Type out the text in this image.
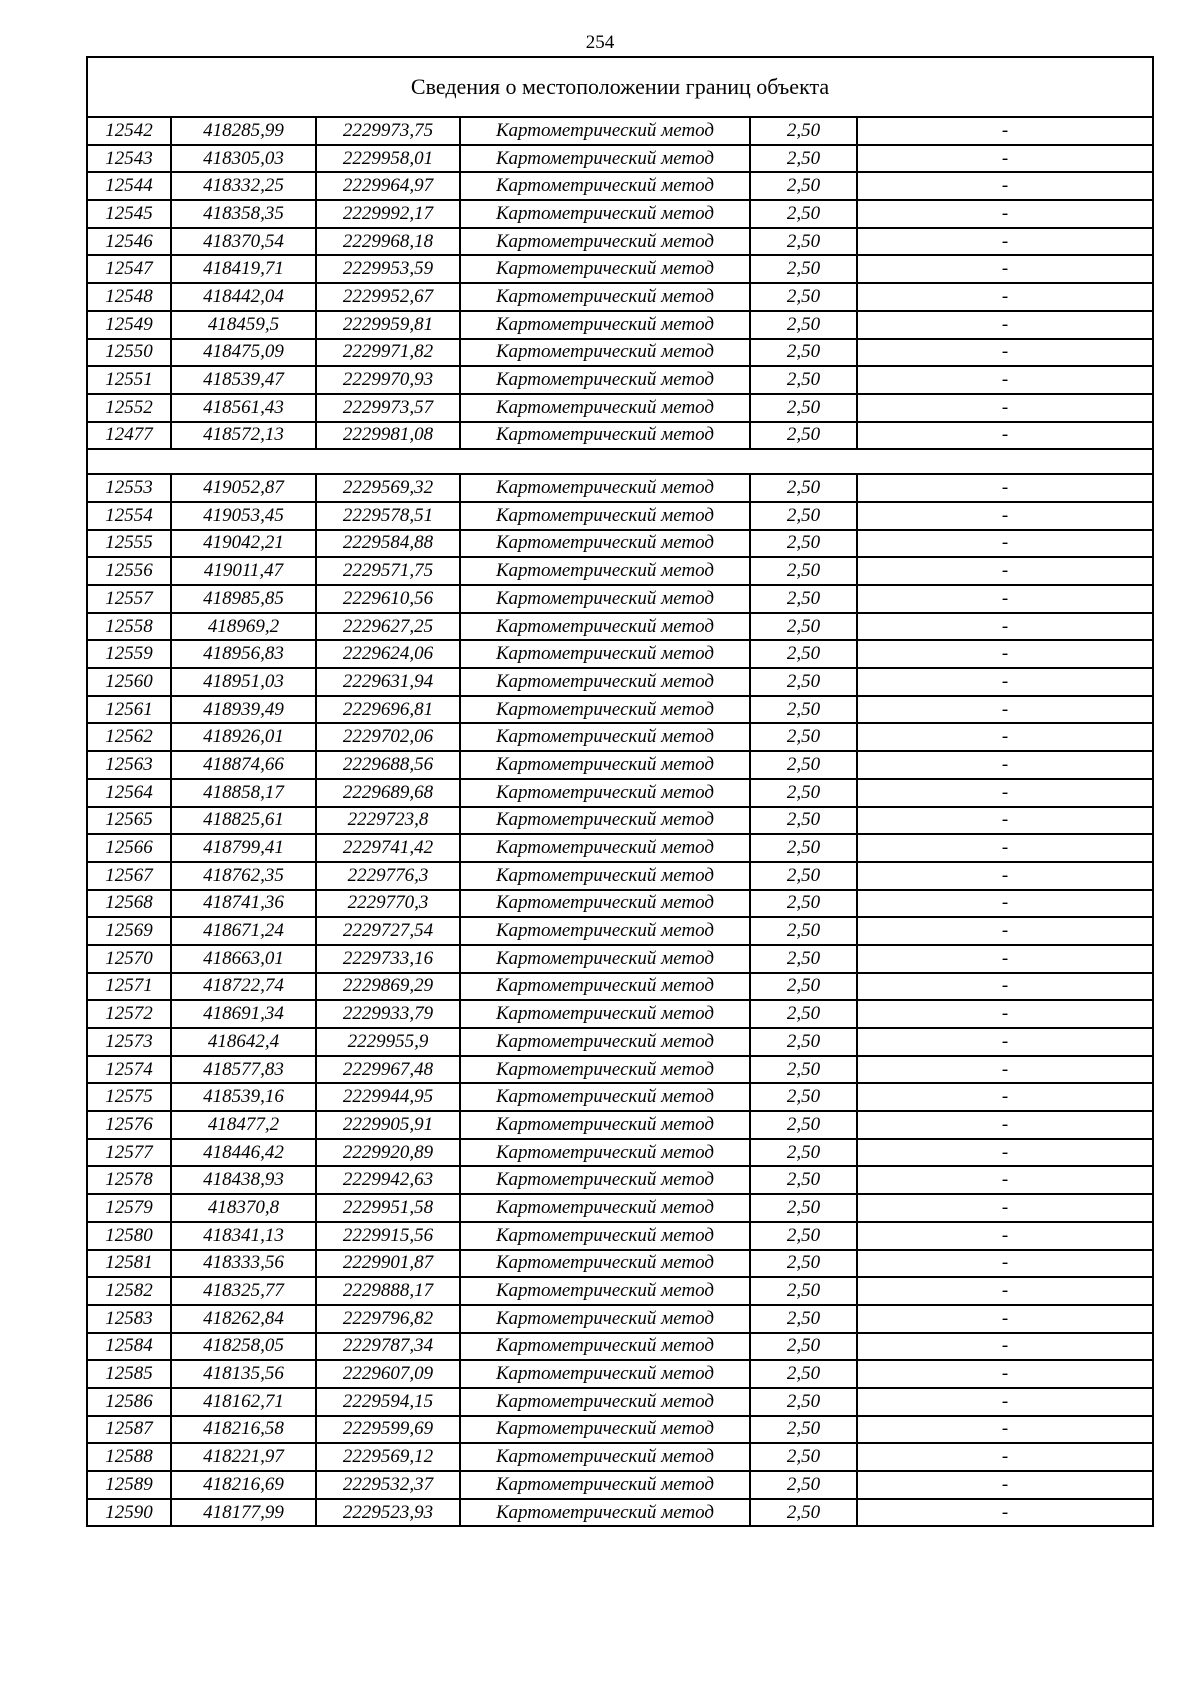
254
Сведения о местоположении границ объекта					
12542	418285,99	2229973,75	Картометрический метод	2,50	-
12543	418305,03	2229958,01	Картометрический метод	2,50	-
12544	418332,25	2229964,97	Картометрический метод	2,50	-
12545	418358,35	2229992,17	Картометрический метод	2,50	-
12546	418370,54	2229968,18	Картометрический метод	2,50	-
12547	418419,71	2229953,59	Картометрический метод	2,50	-
12548	418442,04	2229952,67	Картометрический метод	2,50	-
12549	418459,5	2229959,81	Картометрический метод	2,50	-
12550	418475,09	2229971,82	Картометрический метод	2,50	-
12551	418539,47	2229970,93	Картометрический метод	2,50	-
12552	418561,43	2229973,57	Картометрический метод	2,50	-
12477	418572,13	2229981,08	Картометрический метод	2,50	-

12553	419052,87	2229569,32	Картометрический метод	2,50	-
12554	419053,45	2229578,51	Картометрический метод	2,50	-
12555	419042,21	2229584,88	Картометрический метод	2,50	-
12556	419011,47	2229571,75	Картометрический метод	2,50	-
12557	418985,85	2229610,56	Картометрический метод	2,50	-
12558	418969,2	2229627,25	Картометрический метод	2,50	-
12559	418956,83	2229624,06	Картометрический метод	2,50	-
12560	418951,03	2229631,94	Картометрический метод	2,50	-
12561	418939,49	2229696,81	Картометрический метод	2,50	-
12562	418926,01	2229702,06	Картометрический метод	2,50	-
12563	418874,66	2229688,56	Картометрический метод	2,50	-
12564	418858,17	2229689,68	Картометрический метод	2,50	-
12565	418825,61	2229723,8	Картометрический метод	2,50	-
12566	418799,41	2229741,42	Картометрический метод	2,50	-
12567	418762,35	2229776,3	Картометрический метод	2,50	-
12568	418741,36	2229770,3	Картометрический метод	2,50	-
12569	418671,24	2229727,54	Картометрический метод	2,50	-
12570	418663,01	2229733,16	Картометрический метод	2,50	-
12571	418722,74	2229869,29	Картометрический метод	2,50	-
12572	418691,34	2229933,79	Картометрический метод	2,50	-
12573	418642,4	2229955,9	Картометрический метод	2,50	-
12574	418577,83	2229967,48	Картометрический метод	2,50	-
12575	418539,16	2229944,95	Картометрический метод	2,50	-
12576	418477,2	2229905,91	Картометрический метод	2,50	-
12577	418446,42	2229920,89	Картометрический метод	2,50	-
12578	418438,93	2229942,63	Картометрический метод	2,50	-
12579	418370,8	2229951,58	Картометрический метод	2,50	-
12580	418341,13	2229915,56	Картометрический метод	2,50	-
12581	418333,56	2229901,87	Картометрический метод	2,50	-
12582	418325,77	2229888,17	Картометрический метод	2,50	-
12583	418262,84	2229796,82	Картометрический метод	2,50	-
12584	418258,05	2229787,34	Картометрический метод	2,50	-
12585	418135,56	2229607,09	Картометрический метод	2,50	-
12586	418162,71	2229594,15	Картометрический метод	2,50	-
12587	418216,58	2229599,69	Картометрический метод	2,50	-
12588	418221,97	2229569,12	Картометрический метод	2,50	-
12589	418216,69	2229532,37	Картометрический метод	2,50	-
12590	418177,99	2229523,93	Картометрический метод	2,50	-
